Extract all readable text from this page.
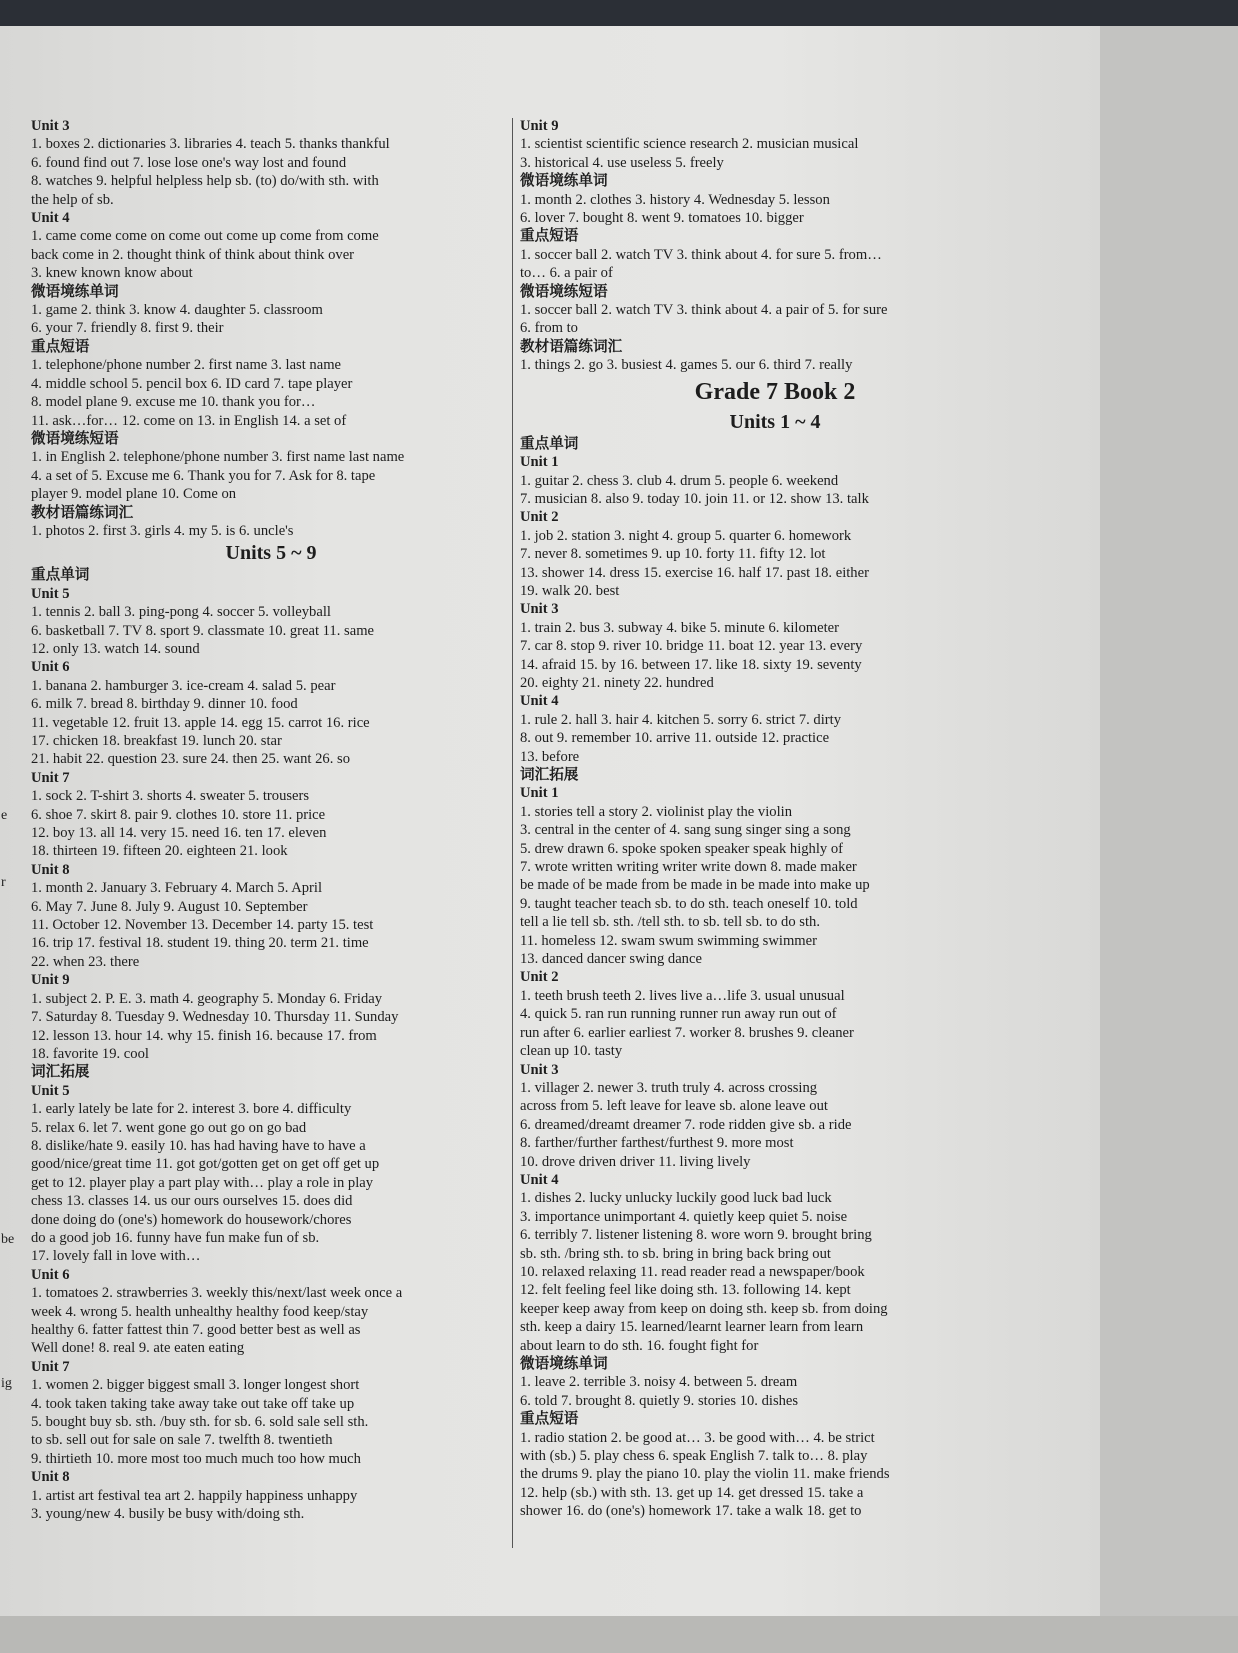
Unit 3
1. boxes 2. dictionaries 3. libraries 4. teach 5. thanks thankful
6. found find out 7. lose lose one's way lost and found
8. watches 9. helpful helpless help sb. (to) do/with sth. with
the help of sb.
Unit 4
1. came come come on come out come up come from come
back come in 2. thought think of think about think over
3. knew known know about
微语境练单词
1. game 2. think 3. know 4. daughter 5. classroom
6. your 7. friendly 8. first 9. their
重点短语
1. telephone/phone number 2. first name 3. last name
4. middle school 5. pencil box 6. ID card 7. tape player
8. model plane 9. excuse me 10. thank you for…
11. ask…for… 12. come on 13. in English 14. a set of
微语境练短语
1. in English 2. telephone/phone number 3. first name last name
4. a set of 5. Excuse me 6. Thank you for 7. Ask for 8. tape
player 9. model plane 10. Come on
教材语篇练词汇
1. photos 2. first 3. girls 4. my 5. is 6. uncle's
Units 5 ~ 9
重点单词
Unit 5
1. tennis 2. ball 3. ping-pong 4. soccer 5. volleyball
6. basketball 7. TV 8. sport 9. classmate 10. great 11. same
12. only 13. watch 14. sound
Unit 6
1. banana 2. hamburger 3. ice-cream 4. salad 5. pear
6. milk 7. bread 8. birthday 9. dinner 10. food
11. vegetable 12. fruit 13. apple 14. egg 15. carrot 16. rice
17. chicken 18. breakfast 19. lunch 20. star
21. habit 22. question 23. sure 24. then 25. want 26. so
Unit 7
1. sock 2. T-shirt 3. shorts 4. sweater 5. trousers
6. shoe 7. skirt 8. pair 9. clothes 10. store 11. price
12. boy 13. all 14. very 15. need 16. ten 17. eleven
18. thirteen 19. fifteen 20. eighteen 21. look
Unit 8
1. month 2. January 3. February 4. March 5. April
6. May 7. June 8. July 9. August 10. September
11. October 12. November 13. December 14. party 15. test
16. trip 17. festival 18. student 19. thing 20. term 21. time
22. when 23. there
Unit 9
1. subject 2. P. E. 3. math 4. geography 5. Monday 6. Friday
7. Saturday 8. Tuesday 9. Wednesday 10. Thursday 11. Sunday
12. lesson 13. hour 14. why 15. finish 16. because 17. from
18. favorite 19. cool
词汇拓展
Unit 5
1. early lately be late for 2. interest 3. bore 4. difficulty
5. relax 6. let 7. went gone go out go on go bad
8. dislike/hate 9. easily 10. has had having have to have a
good/nice/great time 11. got got/gotten get on get off get up
get to 12. player play a part play with… play a role in play
chess 13. classes 14. us our ours ourselves 15. does did
done doing do (one's) homework do housework/chores
do a good job 16. funny have fun make fun of sb.
17. lovely fall in love with…
Unit 6
1. tomatoes 2. strawberries 3. weekly this/next/last week once a
week 4. wrong 5. health unhealthy healthy food keep/stay
healthy 6. fatter fattest thin 7. good better best as well as
Well done! 8. real 9. ate eaten eating
Unit 7
1. women 2. bigger biggest small 3. longer longest short
4. took taken taking take away take out take off take up
5. bought buy sb. sth. /buy sth. for sb. 6. sold sale sell sth.
to sb. sell out for sale on sale 7. twelfth 8. twentieth
9. thirtieth 10. more most too much much too how much
Unit 8
1. artist art festival tea art 2. happily happiness unhappy
3. young/new 4. busily be busy with/doing sth.
Unit 9
1. scientist scientific science research 2. musician musical
3. historical 4. use useless 5. freely
微语境练单词
1. month 2. clothes 3. history 4. Wednesday 5. lesson
6. lover 7. bought 8. went 9. tomatoes 10. bigger
重点短语
1. soccer ball 2. watch TV 3. think about 4. for sure 5. from…
to… 6. a pair of
微语境练短语
1. soccer ball 2. watch TV 3. think about 4. a pair of 5. for sure
6. from to
教材语篇练词汇
1. things 2. go 3. busiest 4. games 5. our 6. third 7. really
Grade 7 Book 2
Units 1 ~ 4
重点单词
Unit 1
1. guitar 2. chess 3. club 4. drum 5. people 6. weekend
7. musician 8. also 9. today 10. join 11. or 12. show 13. talk
Unit 2
1. job 2. station 3. night 4. group 5. quarter 6. homework
7. never 8. sometimes 9. up 10. forty 11. fifty 12. lot
13. shower 14. dress 15. exercise 16. half 17. past 18. either
19. walk 20. best
Unit 3
1. train 2. bus 3. subway 4. bike 5. minute 6. kilometer
7. car 8. stop 9. river 10. bridge 11. boat 12. year 13. every
14. afraid 15. by 16. between 17. like 18. sixty 19. seventy
20. eighty 21. ninety 22. hundred
Unit 4
1. rule 2. hall 3. hair 4. kitchen 5. sorry 6. strict 7. dirty
8. out 9. remember 10. arrive 11. outside 12. practice
13. before
词汇拓展
Unit 1
1. stories tell a story 2. violinist play the violin
3. central in the center of 4. sang sung singer sing a song
5. drew drawn 6. spoke spoken speaker speak highly of
7. wrote written writing writer write down 8. made maker
be made of be made from be made in be made into make up
9. taught teacher teach sb. to do sth. teach oneself 10. told
tell a lie tell sb. sth. /tell sth. to sb. tell sb. to do sth.
11. homeless 12. swam swum swimming swimmer
13. danced dancer swing dance
Unit 2
1. teeth brush teeth 2. lives live a…life 3. usual unusual
4. quick 5. ran run running runner run away run out of
run after 6. earlier earliest 7. worker 8. brushes 9. cleaner
clean up 10. tasty
Unit 3
1. villager 2. newer 3. truth truly 4. across crossing
across from 5. left leave for leave sb. alone leave out
6. dreamed/dreamt dreamer 7. rode ridden give sb. a ride
8. farther/further farthest/furthest 9. more most
10. drove driven driver 11. living lively
Unit 4
1. dishes 2. lucky unlucky luckily good luck bad luck
3. importance unimportant 4. quietly keep quiet 5. noise
6. terribly 7. listener listening 8. wore worn 9. brought bring
sb. sth. /bring sth. to sb. bring in bring back bring out
10. relaxed relaxing 11. read reader read a newspaper/book
12. felt feeling feel like doing sth. 13. following 14. kept
keeper keep away from keep on doing sth. keep sb. from doing
sth. keep a dairy 15. learned/learnt learner learn from learn
about learn to do sth. 16. fought fight for
微语境练单词
1. leave 2. terrible 3. noisy 4. between 5. dream
6. told 7. brought 8. quietly 9. stories 10. dishes
重点短语
1. radio station 2. be good at… 3. be good with… 4. be strict
with (sb.) 5. play chess 6. speak English 7. talk to… 8. play
the drums 9. play the piano 10. play the violin 11. make friends
12. help (sb.) with sth. 13. get up 14. get dressed 15. take a
shower 16. do (one's) homework 17. take a walk 18. get to
e
r
be
ig
